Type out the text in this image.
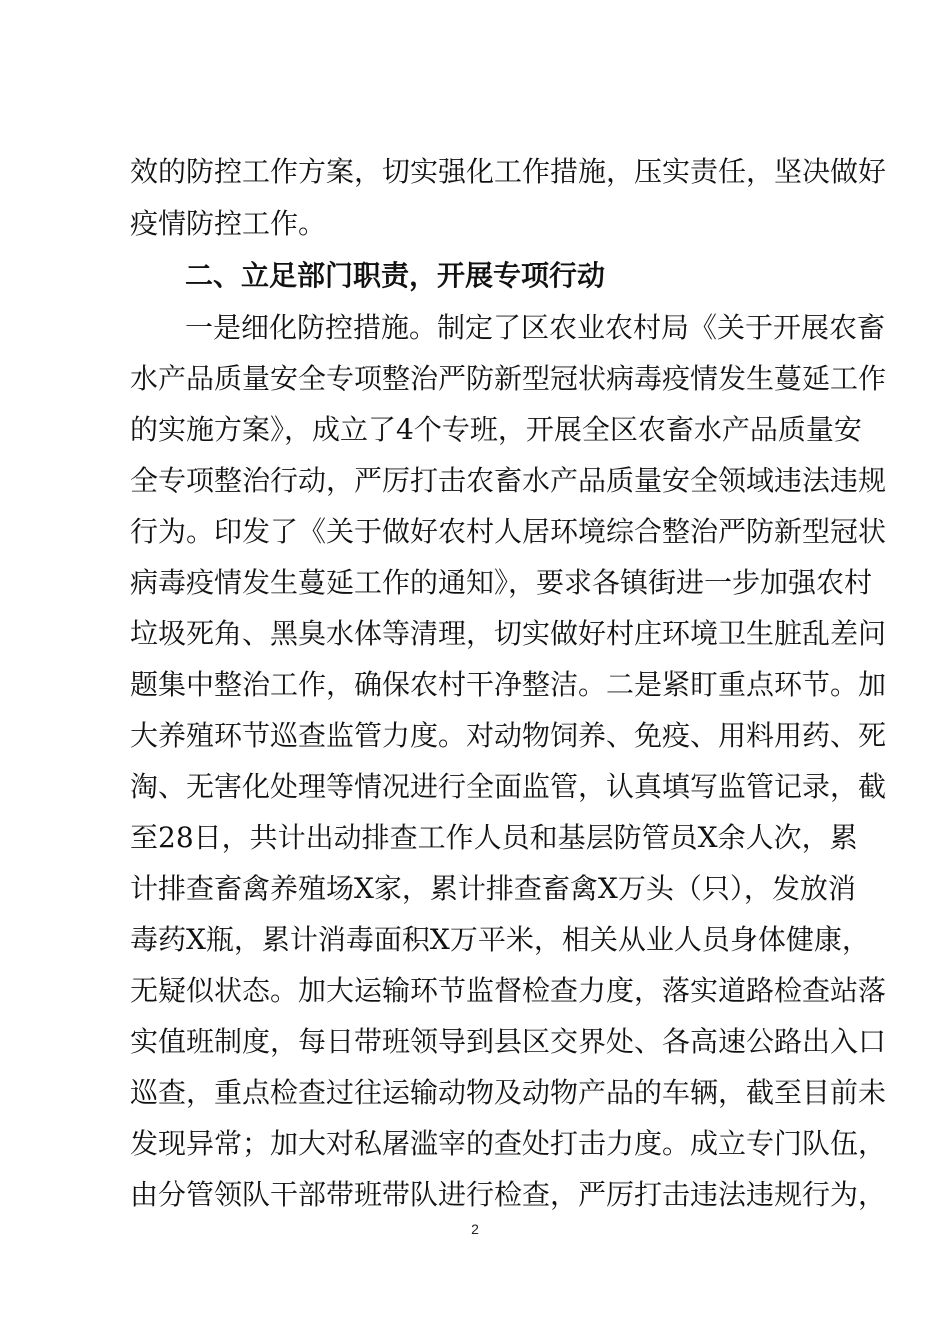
效的防控工作方案，切实强化工作措施，压实责任，坚决做好
疫情防控工作。
二、立足部门职责，开展专项行动
一是细化防控措施。制定了区农业农村局《关于开展农畜
水产品质量安全专项整治严防新型冠状病毒疫情发生蔓延工作
的实施方案》，成立了4个专班，开展全区农畜水产品质量安
全专项整治行动，严厉打击农畜水产品质量安全领域违法违规
行为。印发了《关于做好农村人居环境综合整治严防新型冠状
病毒疫情发生蔓延工作的通知》，要求各镇街进一步加强农村
垃圾死角、黑臭水体等清理，切实做好村庄环境卫生脏乱差问
题集中整治工作，确保农村干净整洁。二是紧盯重点环节。加
大养殖环节巡查监管力度。对动物饲养、免疫、用料用药、死
淘、无害化处理等情况进行全面监管，认真填写监管记录，截
至28日，共计出动排查工作人员和基层防管员X余人次，累
计排查畜禽养殖场X家，累计排查畜禽X万头（只），发放消
毒药X瓶，累计消毒面积X万平米，相关从业人员身体健康，
无疑似状态。加大运输环节监督检查力度，落实道路检查站落
实值班制度，每日带班领导到县区交界处、各高速公路出入口
巡查，重点检查过往运输动物及动物产品的车辆，截至目前未
发现异常；加大对私屠滥宰的查处打击力度。成立专门队伍，
由分管领队干部带班带队进行检查，严厉打击违法违规行为，
2
